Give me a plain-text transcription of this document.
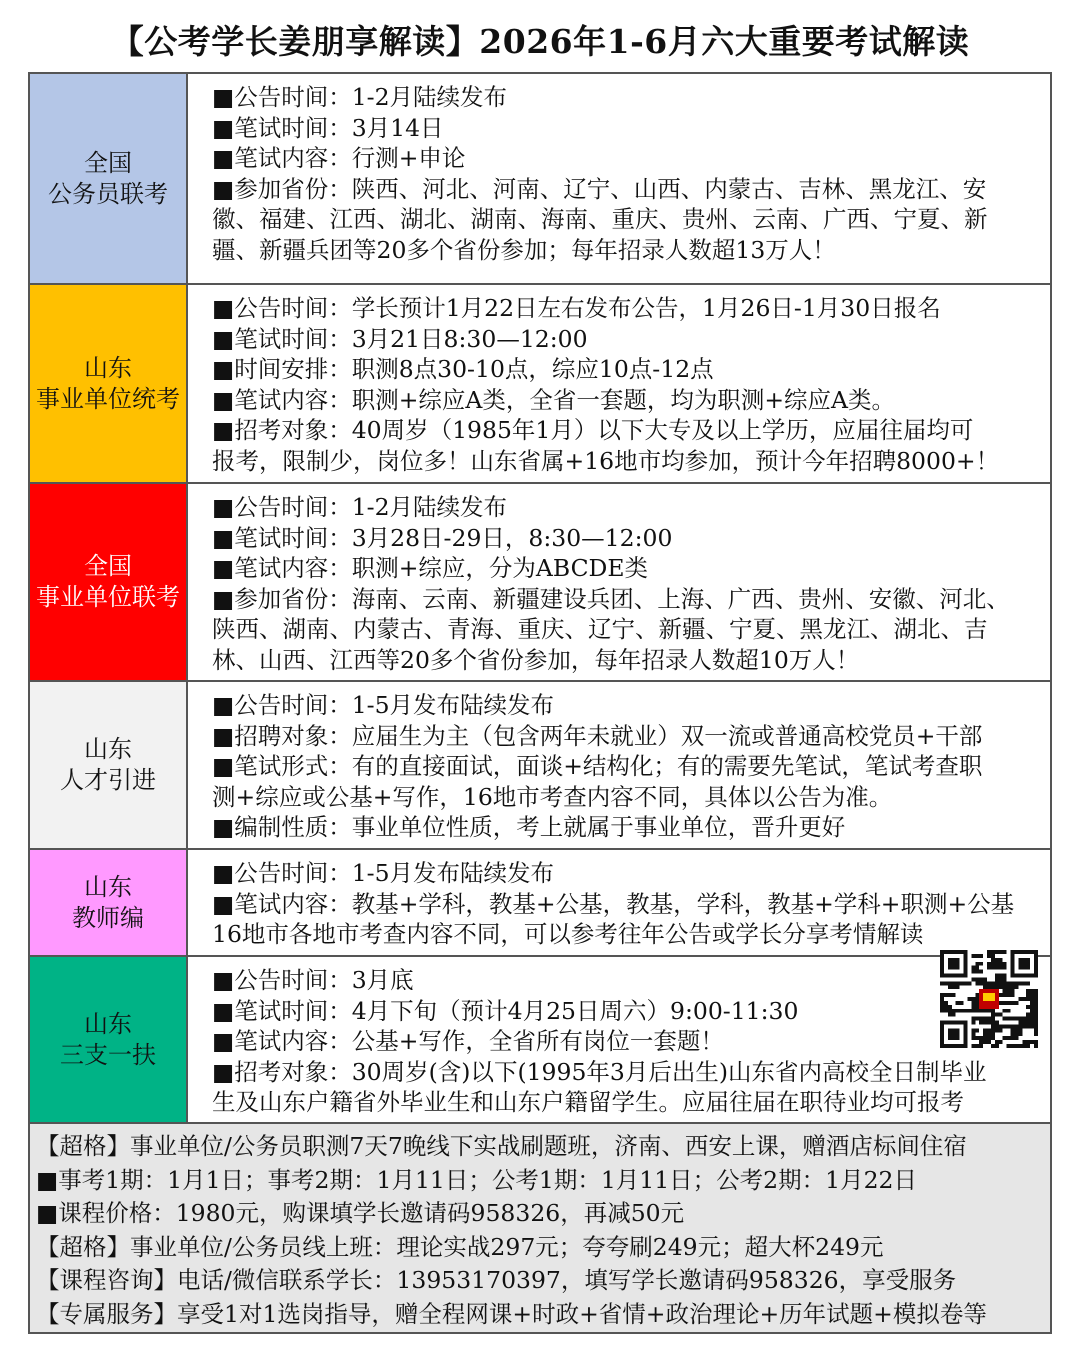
【公考学长姜朋享解读】2026年1-6月六大重要考试解读
全国
公务员联考
■公告时间：1-2月陆续发布
■笔试时间：3月14日
■笔试内容：行测+申论
■参加省份：陕西、河北、河南、辽宁、山西、内蒙古、吉林、黑龙江、安
徽、福建、江西、湖北、湖南、海南、重庆、贵州、云南、广西、宁夏、新
疆、新疆兵团等20多个省份参加；每年招录人数超13万人！
山东
事业单位统考
■公告时间：学长预计1月22日左右发布公告，1月26日-1月30日报名
■笔试时间：3月21日8:30—12:00
■时间安排：职测8点30-10点，综应10点-12点
■笔试内容：职测+综应A类，全省一套题，均为职测+综应A类。
■招考对象：40周岁（1985年1月）以下大专及以上学历，应届往届均可
报考，限制少，岗位多！山东省属+16地市均参加，预计今年招聘8000+！
全国
事业单位联考
■公告时间：1-2月陆续发布
■笔试时间：3月28日-29日，8:30—12:00
■笔试内容：职测+综应，分为ABCDE类
■参加省份：海南、云南、新疆建设兵团、上海、广西、贵州、安徽、河北、
陕西、湖南、内蒙古、青海、重庆、辽宁、新疆、宁夏、黑龙江、湖北、吉
林、山西、江西等20多个省份参加，每年招录人数超10万人！
山东
人才引进
■公告时间：1-5月发布陆续发布
■招聘对象：应届生为主（包含两年未就业）双一流或普通高校党员+干部
■笔试形式：有的直接面试，面谈+结构化；有的需要先笔试，笔试考查职
测+综应或公基+写作，16地市考查内容不同，具体以公告为准。
■编制性质：事业单位性质，考上就属于事业单位，晋升更好
山东
教师编
■公告时间：1-5月发布陆续发布
■笔试内容：教基+学科，教基+公基，教基，学科，教基+学科+职测+公基
16地市各地市考查内容不同，可以参考往年公告或学长分享考情解读
山东
三支一扶
■公告时间：3月底
■笔试时间：4月下旬（预计4月25日周六）9:00-11:30
■笔试内容：公基+写作，全省所有岗位一套题！
■招考对象：30周岁(含)以下(1995年3月后出生)山东省内高校全日制毕业
生及山东户籍省外毕业生和山东户籍留学生。应届往届在职待业均可报考
【超格】事业单位/公务员职测7天7晚线下实战刷题班，济南、西安上课，赠酒店标间住宿
■事考1期：1月1日；事考2期：1月11日；公考1期：1月11日；公考2期：1月22日
■课程价格：1980元，购课填学长邀请码958326，再减50元
【超格】事业单位/公务员线上班：理论实战297元；夸夸刷249元；超大杯249元
【课程咨询】电话/微信联系学长：13953170397，填写学长邀请码958326，享受服务
【专属服务】享受1对1选岗指导，赠全程网课+时政+省情+政治理论+历年试题+模拟卷等
